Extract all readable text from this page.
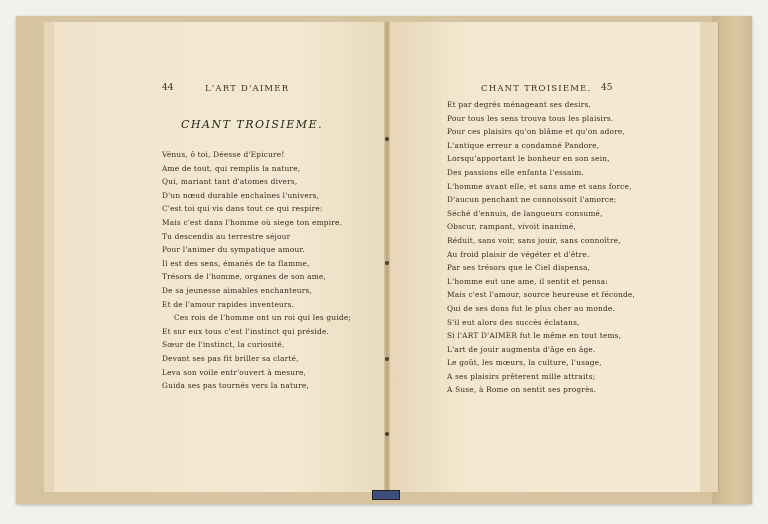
44	L'ART D'AIMER
CHANT TROISIEME.
Vénus, ô toi, Déesse d'Epicure!
Ame de tout, qui remplis la nature,
Qui, mariant tant d'atomes divers,
D'un nœud durable enchaînes l'univers,
C'est toi qui vis dans tout ce qui respire:
Mais c'est dans l'homme où siege ton empire.
Tu descendis au terrestre séjour
Pour l'animer du sympatique amour.
Il est des sens, émanés de ta flamme,
Trésors de l'homme, organes de son ame,
De sa jeunesse aimables enchanteurs,
Et de l'amour rapides inventeurs.
Ces rois de l'homme ont un roi qui les guide;
Et sur eux tous c'est l'instinct qui préside.
Sœur de l'instinct, la curiosité,
Devant ses pas fit briller sa clarté,
Leva son voile entr'ouvert à mesure,
Guida ses pas tournés vers la nature,
CHANT TROISIEME. 45
Et par degrés ménageant ses desirs,
Pour tous les sens trouva tous les plaisirs.
Pour ces plaisirs qu'on blâme et qu'on adore,
L'antique erreur a condamné Pandore,
Lorsqu'apportant le bonheur en son sein,
Des passions elle enfanta l'essaim.
L'homme avant elle, et sans ame et sans force,
D'aucun penchant ne connoissoit l'amorce;
Séché d'ennuis, de langueurs consumé,
Obscur, rampant, vivoit inanimé,
Réduit, sans voir, sans jouir, sans connoître,
Au froid plaisir de végéter et d'être.
Par ses trésors que le Ciel dispensa,
L'homme eut une ame, il sentit et pensa:
Mais c'est l'amour, source heureuse et féconde,
Qui de ses dons fut le plus cher au monde.
S'il eut alors des succès éclatans,
Si l'ART D'AIMER fut le même en tout tems,
L'art de jouir augmenta d'âge en âge.
Le goût, les mœurs, la culture, l'usage,
A ses plaisirs prêterent mille attraits;
A Suse, à Rome on sentit ses progrès.
